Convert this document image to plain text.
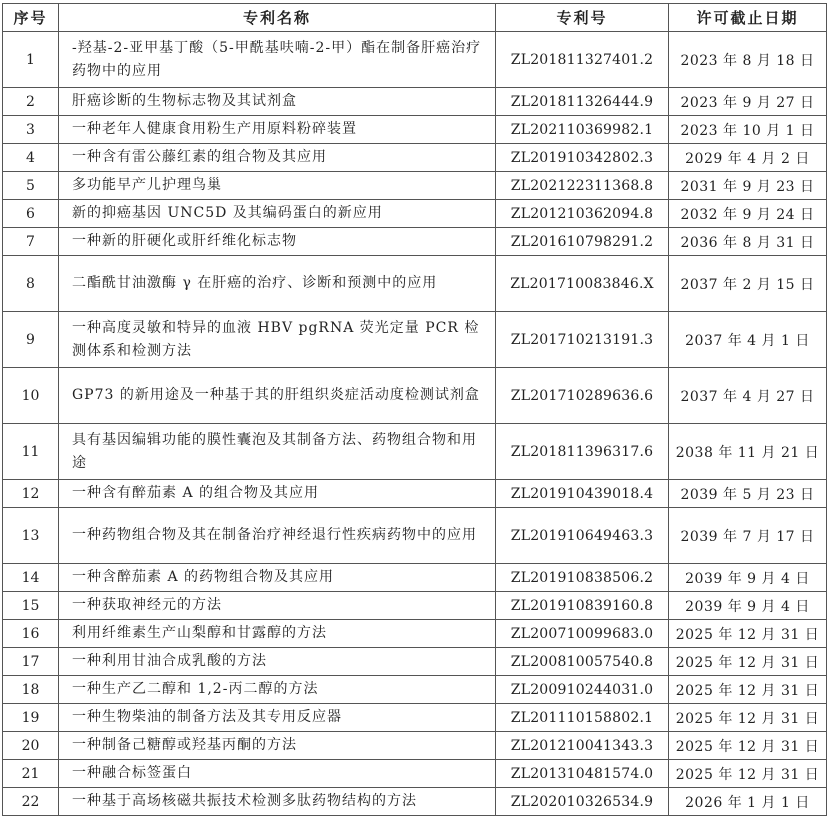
序号	专利名称	专利号	许可截止日期
1	-羟基-2-亚甲基丁酸（5-甲酰基呋喃-2-甲）酯在制备肝癌治疗药物中的应用	ZL201811327401.2	2023 年 8 月 18 日
2	肝癌诊断的生物标志物及其试剂盒	ZL201811326444.9	2023 年 9 月 27 日
3	一种老年人健康食用粉生产用原料粉碎装置	ZL202110369982.1	2023 年 10 月 1 日
4	一种含有雷公藤红素的组合物及其应用	ZL201910342802.3	2029 年 4 月 2 日
5	多功能早产儿护理鸟巢	ZL202122311368.8	2031 年 9 月 23 日
6	新的抑癌基因 UNC5D 及其编码蛋白的新应用	ZL201210362094.8	2032 年 9 月 24 日
7	一种新的肝硬化或肝纤维化标志物	ZL201610798291.2	2036 年 8 月 31 日
8	二酯酰甘油激酶 γ 在肝癌的治疗、诊断和预测中的应用	ZL201710083846.X	2037 年 2 月 15 日
9	一种高度灵敏和特异的血液 HBV pgRNA 荧光定量 PCR 检测体系和检测方法	ZL201710213191.3	2037 年 4 月 1 日
10	GP73 的新用途及一种基于其的肝组织炎症活动度检测试剂盒	ZL201710289636.6	2037 年 4 月 27 日
11	具有基因编辑功能的膜性囊泡及其制备方法、药物组合物和用途	ZL201811396317.6	2038 年 11 月 21 日
12	一种含有醉茄素 A 的组合物及其应用	ZL201910439018.4	2039 年 5 月 23 日
13	一种药物组合物及其在制备治疗神经退行性疾病药物中的应用	ZL201910649463.3	2039 年 7 月 17 日
14	一种含醉茄素 A 的药物组合物及其应用	ZL201910838506.2	2039 年 9 月 4 日
15	一种获取神经元的方法	ZL201910839160.8	2039 年 9 月 4 日
16	利用纤维素生产山梨醇和甘露醇的方法	ZL200710099683.0	2025 年 12 月 31 日
17	一种利用甘油合成乳酸的方法	ZL200810057540.8	2025 年 12 月 31 日
18	一种生产乙二醇和 1,2-丙二醇的方法	ZL200910244031.0	2025 年 12 月 31 日
19	一种生物柴油的制备方法及其专用反应器	ZL201110158802.1	2025 年 12 月 31 日
20	一种制备己糖醇或羟基丙酮的方法	ZL201210041343.3	2025 年 12 月 31 日
21	一种融合标签蛋白	ZL201310481574.0	2025 年 12 月 31 日
22	一种基于高场核磁共振技术检测多肽药物结构的方法	ZL202010326534.9	2026 年 1 月 1 日
